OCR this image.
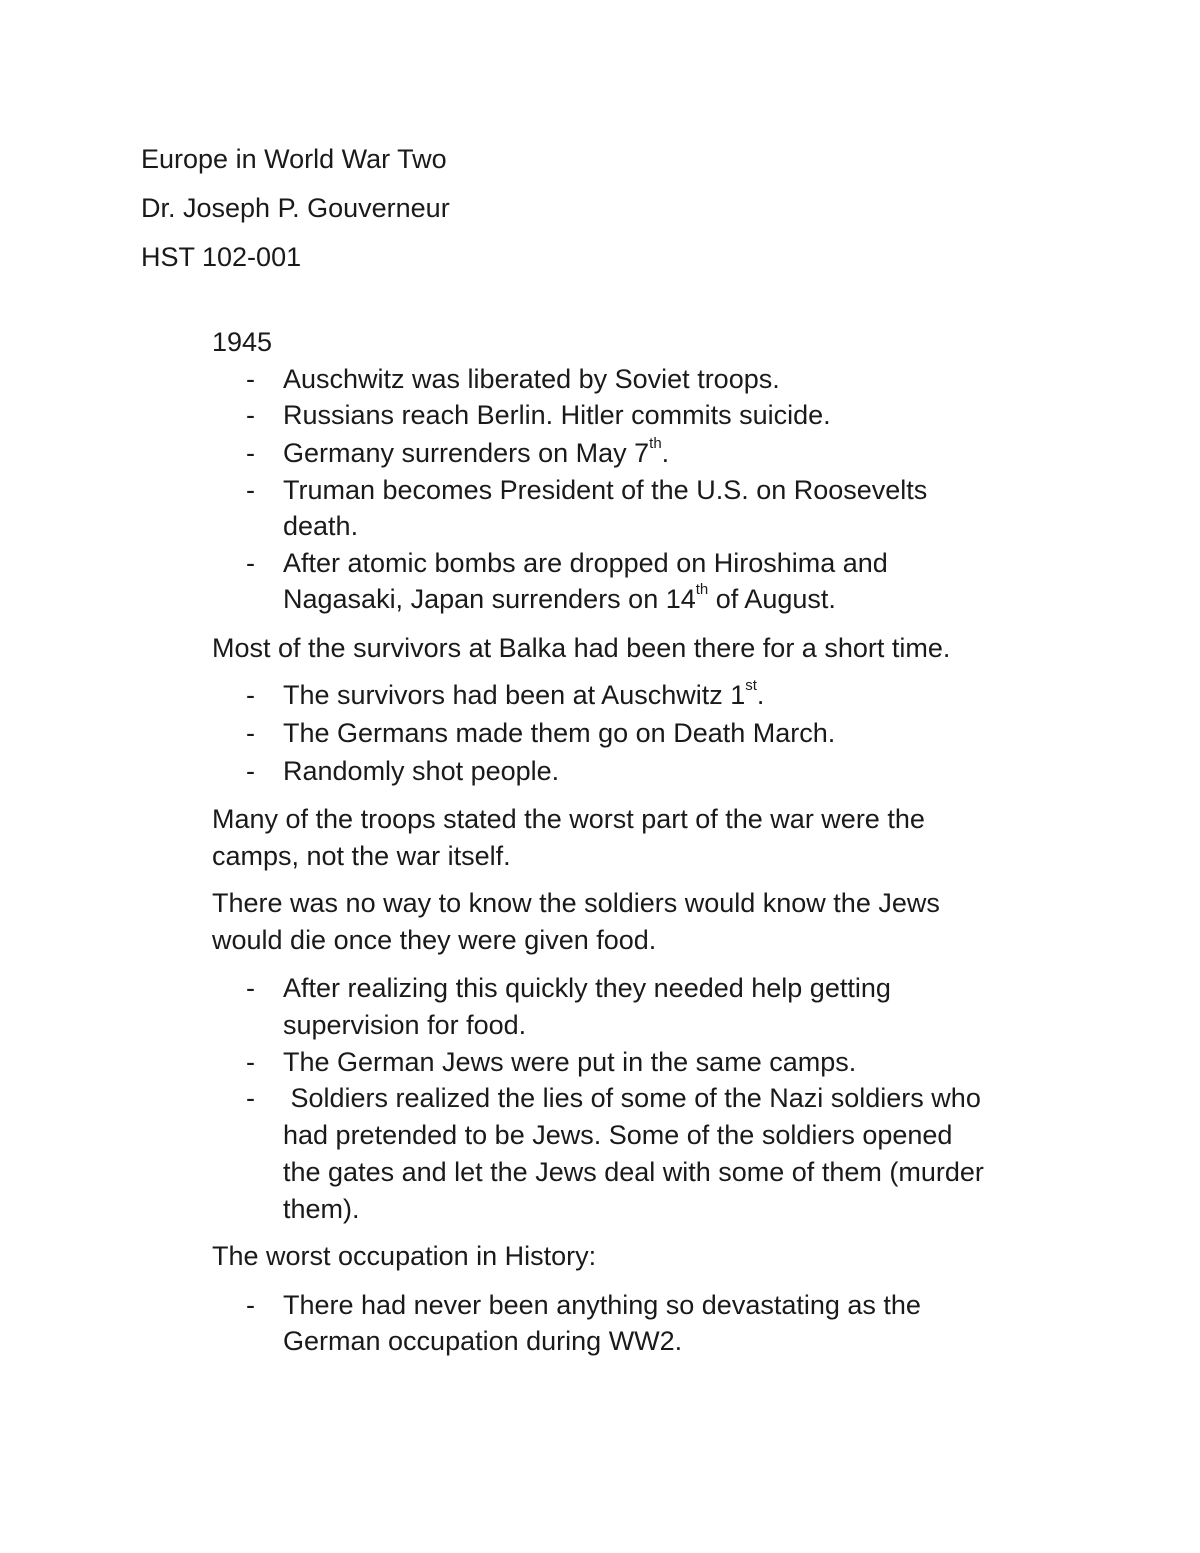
Europe in World War Two
Dr. Joseph P. Gouverneur
HST 102-001
1945
- Auschwitz was liberated by Soviet troops.
- Russians reach Berlin. Hitler commits suicide.
- Germany surrenders on May 7th.
- Truman becomes President of the U.S. on Roosevelts
death.
- After atomic bombs are dropped on Hiroshima and
Nagasaki, Japan surrenders on 14th of August.
Most of the survivors at Balka had been there for a short time.
- The survivors had been at Auschwitz 1st.
- The Germans made them go on Death March.
- Randomly shot people.
Many of the troops stated the worst part of the war were the
camps, not the war itself.
There was no way to know the soldiers would know the Jews
would die once they were given food.
- After realizing this quickly they needed help getting
supervision for food.
- The German Jews were put in the same camps.
- Soldiers realized the lies of some of the Nazi soldiers who
had pretended to be Jews. Some of the soldiers opened
the gates and let the Jews deal with some of them (murder
them).
The worst occupation in History:
- There had never been anything so devastating as the
German occupation during WW2.
